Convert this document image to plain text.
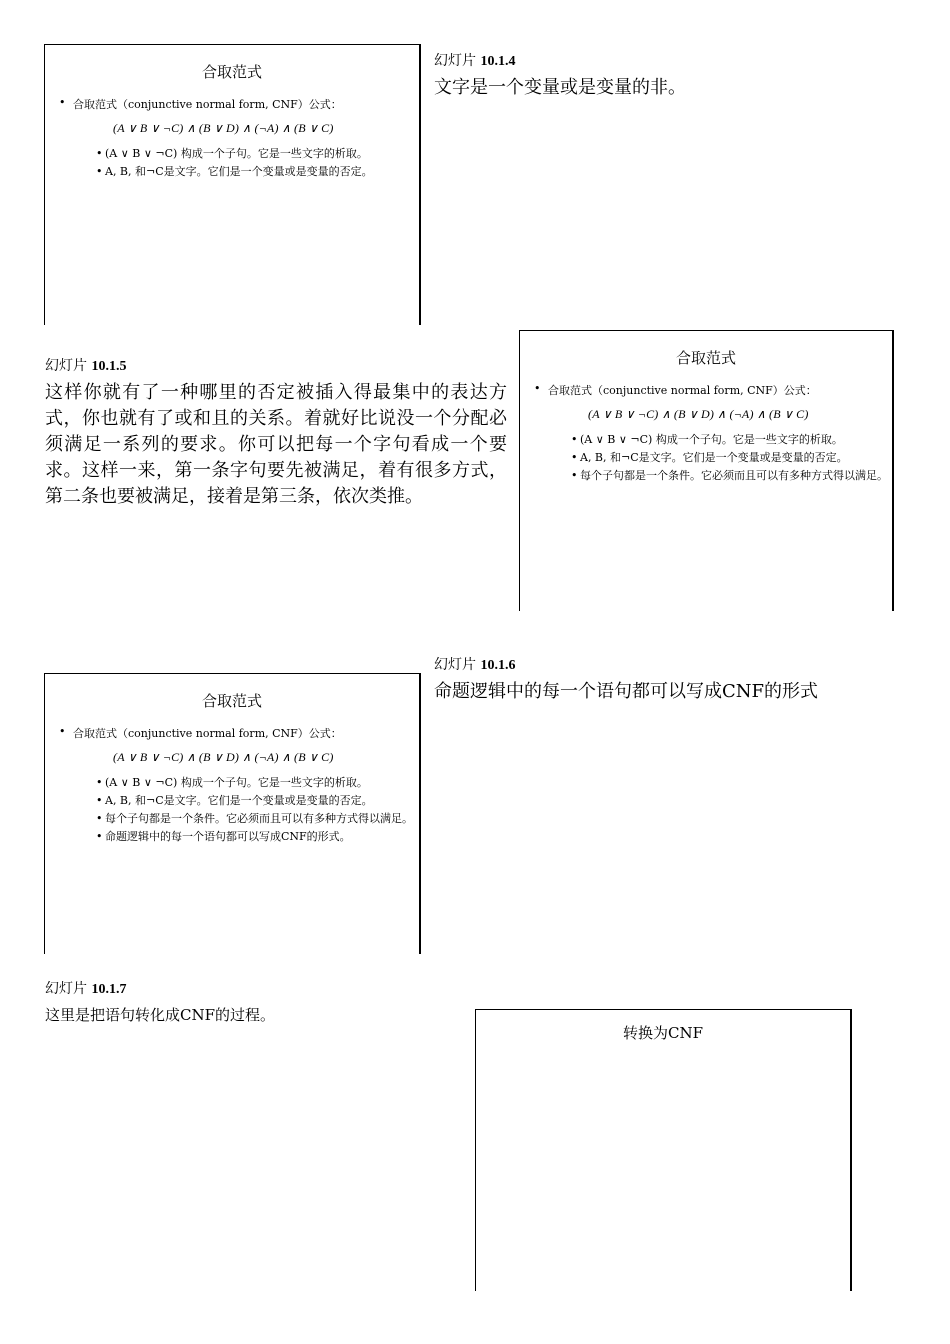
合取范式
• 合取范式（conjunctive normal form, CNF）公式：
(A ∨ B ∨ ¬C) ∧ (B ∨ D) ∧ (¬A) ∧ (B ∨ C)
• (A ∨ B ∨ ¬C) 构成一个子句。它是一些文字的析取。
• A, B, 和¬C是文字。它们是一个变量或是变量的否定。
幻灯片 10.1.4
文字是一个变量或是变量的非。
幻灯片 10.1.5
这样你就有了一种哪里的否定被插入得最集中的表达方式，你也就有了或和且的关系。着就好比说没一个分配必须满足一系列的要求。你可以把每一个字句看成一个要求。这样一来，第一条字句要先被满足，着有很多方式，第二条也要被满足，接着是第三条，依次类推。
合取范式
• 合取范式（conjunctive normal form, CNF）公式：
(A ∨ B ∨ ¬C) ∧ (B ∨ D) ∧ (¬A) ∧ (B ∨ C)
• (A ∨ B ∨ ¬C) 构成一个子句。它是一些文字的析取。
• A, B, 和¬C是文字。它们是一个变量或是变量的否定。
• 每个子句都是一个条件。它必须而且可以有多种方式得以满足。
幻灯片 10.1.6
命题逻辑中的每一个语句都可以写成CNF的形式
合取范式
• 合取范式（conjunctive normal form, CNF）公式：
(A ∨ B ∨ ¬C) ∧ (B ∨ D) ∧ (¬A) ∧ (B ∨ C)
• (A ∨ B ∨ ¬C) 构成一个子句。它是一些文字的析取。
• A, B, 和¬C是文字。它们是一个变量或是变量的否定。
• 每个子句都是一个条件。它必须而且可以有多种方式得以满足。
• 命题逻辑中的每一个语句都可以写成CNF的形式。
幻灯片 10.1.7
这里是把语句转化成CNF的过程。
转换为CNF
